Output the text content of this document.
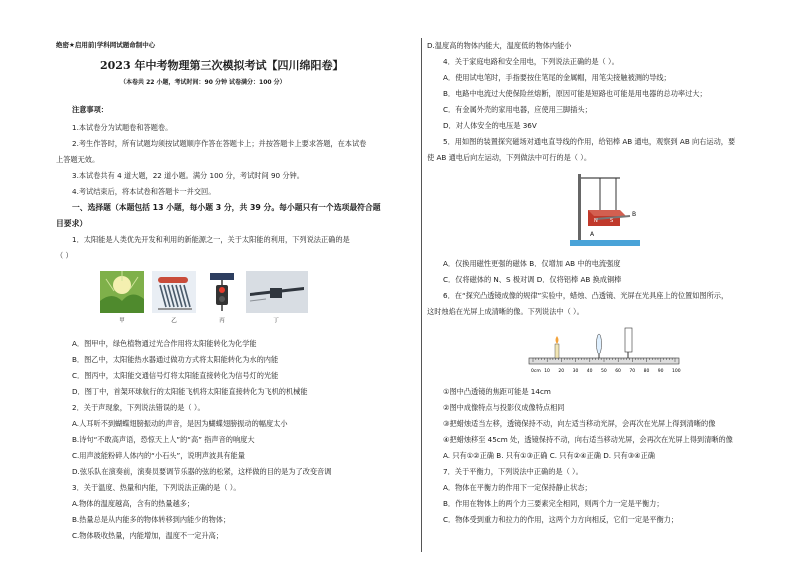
绝密★启用前|学科网试题命制中心
2023 年中考物理第三次模拟考试【四川绵阳卷】
（本卷共 22 小题，考试时间：90 分钟 试卷满分：100 分）
注意事项：
1.本试卷分为试题卷和答题卷。
2.考生作答时，所有试题均须按试题顺序作答在答题卡上；并按答题卡上要求答题，在本试卷
上答题无效。
3.本试卷共有 4 道大题，22 道小题。满分 100 分，考试时间 90 分钟。
4.考试结束后，将本试卷和答题卡一并交回。
一、选择题（本题包括 13 小题，每小题 3 分，共 39 分。每小题只有一个选项最符合题
目要求）
1．太阳能是人类优先开发和利用的新能源之一，关于太阳能的利用，下列说法正确的是
（ ）
A．图甲中，绿色植物通过光合作用将太阳能转化为化学能
B．图乙中，太阳能热水器通过做功方式将太阳能转化为水的内能
C．图丙中，太阳能交通信号灯将太阳能直接转化为信号灯的光能
D．图丁中，首架环球航行的太阳能飞机将太阳能直接转化为飞机的机械能
2．关于声现象，下列说法错误的是（ ）。
A.人耳听不到蝴蝶翅膀振动的声音，是因为蝴蝶翅膀振动的幅度太小
B.诗句“不敢高声语，恐惊天上人”的“高” 指声音的响度大
C.用声波能粉碎人体内的“小石头”，说明声波具有能量
D.弦乐队在演奏前，演奏员要调节乐器的弦的松紧，这样做的目的是为了改变音调
3．关于温度、热量和内能，下列说法正确的是（ ）。
A.物体的温度越高，含有的热量越多；
B.热量总是从内能多的物体转移到内能少的物体；
C.物体吸收热量，内能增加，温度不一定升高；
甲	乙	丙	丁
D.温度高的物体内能大，温度低的物体内能小
4．关于家庭电路和安全用电，下列说法正确的是（ ）。
A．使用试电笔时，手指要按住笔尾的金属帽，用笔尖接触被测的导线；
B．电路中电流过大使保险丝熔断，原因可能是短路也可能是用电器的总功率过大；
C．有金属外壳的家用电器，应使用三脚插头；
D．对人体安全的电压是 36V
5．用如图的装置探究磁场对通电直导线的作用，给铝棒 AB 通电，观察到 AB 向右运动，要
使 AB 通电后向左运动，下列做法中可行的是（ ）。
A．仅换用磁性更强的磁体 B．仅增加 AB 中的电流强度
C．仅将磁体的 N、S 极对调 D．仅将铝棒 AB 换成铜棒
6．在“探究凸透镜成像的规律”实验中，蜡烛、凸透镜、光屏在光具座上的位置如图所示，
这时烛焰在光屏上成清晰的像。下列说法中（ ）。
①图中凸透镜的焦距可能是 14cm
②图中成像特点与投影仪成像特点相同
③把蜡烛适当左移，透镜保持不动，向左适当移动光屏，会再次在光屏上得到清晰的像
④把蜡烛移至 45cm 处，透镜保持不动，向右适当移动光屏，会再次在光屏上得到清晰的像
A. 只有①②正确 B. 只有①③正确 C. 只有②④正确 D. 只有③④正确
7．关于平衡力，下列说法中正确的是（ ）。
A．物体在平衡力的作用下一定保持静止状态；
B．作用在物体上的两个力三要素完全相同，则两个力一定是平衡力；
C．物体受到重力和拉力的作用，这两个力方向相反，它们一定是平衡力；
A
B
N S
0cm 10 20 30 40 50 60 70 80 90 100
